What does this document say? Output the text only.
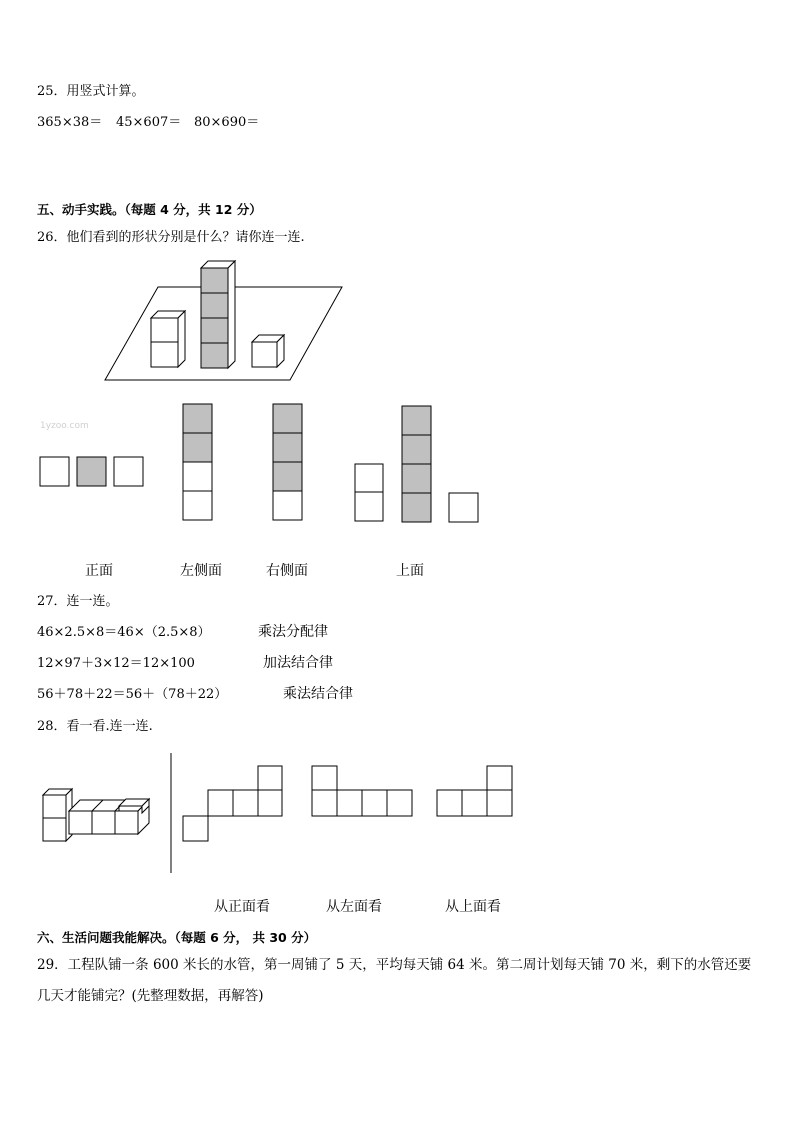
25．用竖式计算。
365×38＝ 45×607＝ 80×690＝
五、动手实践。（每题 4 分，共 12 分）
26．他们看到的形状分别是什么？请你连一连.
1yzoo.com
正面	左侧面	右侧面	上面
27．连一连。
46×2.5×8＝46×（2.5×8）
12×97＋3×12＝12×100
56＋78＋22＝56＋（78＋22）
乘法分配律
加法结合律
乘法结合律
28．看一看.连一连.
从正面看	从左面看	从上面看
六、生活问题我能解决。（每题 6 分， 共 30 分）
29．工程队铺一条 600 米长的水管，第一周铺了 5 天，平均每天铺 64 米。第二周计划每天铺 70 米，剩下的水管还要
几天才能铺完？(先整理数据，再解答)
